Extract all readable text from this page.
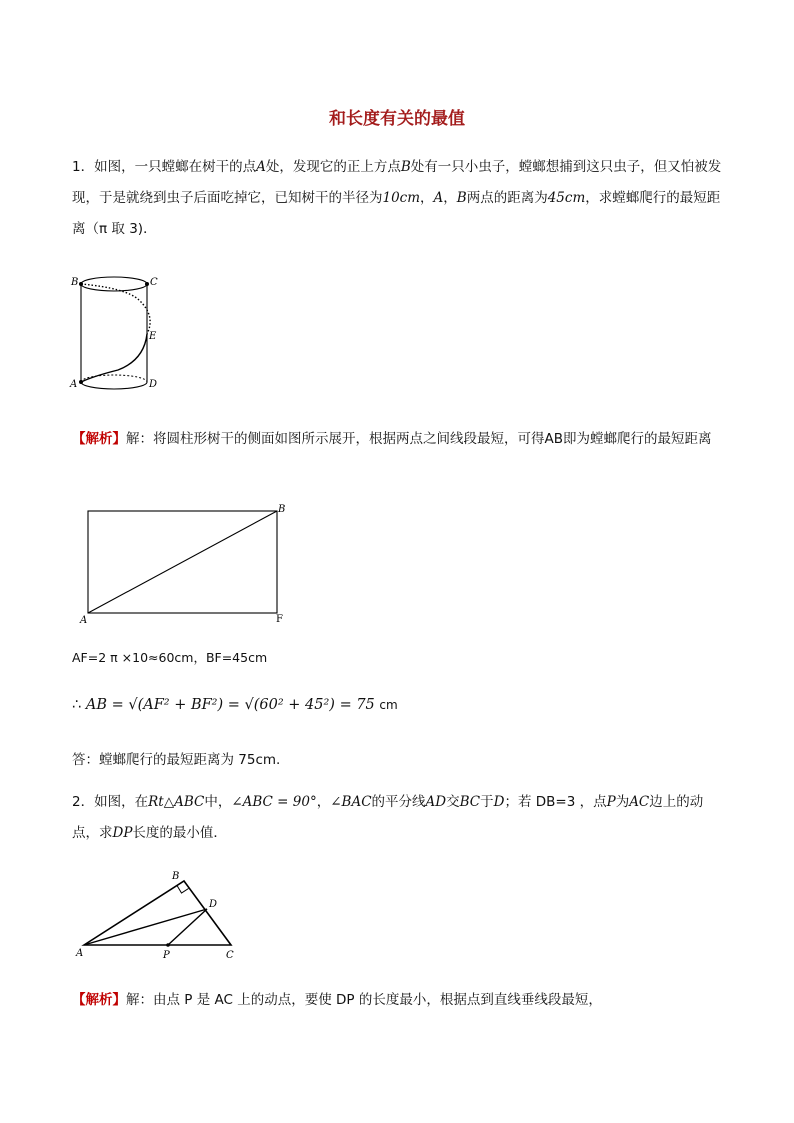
和长度有关的最值
1．如图，一只螳螂在树干的点A处，发现它的正上方点B处有一只小虫子，螳螂想捕到这只虫子，但又怕被发现，于是就绕到虫子后面吃掉它，已知树干的半径为10cm，A，B两点的距离为45cm，求螳螂爬行的最短距离（π 取 3)．
B	C
E
A	D
【解析】解：将圆柱形树干的侧面如图所示展开，根据两点之间线段最短，可得AB即为螳螂爬行的最短距离
A
B
F
AF=2 π ×10≈60cm，BF=45cm
∴ AB = √(AF² + BF²) = √(60² + 45²) = 75 cm
答：螳螂爬行的最短距离为 75cm.
2．如图，在Rt△ABC中，∠ABC = 90°，∠BAC的平分线AD交BC于D；若 DB=3 ，点P为AC边上的动点，求DP长度的最小值．
B
D
A	P	C
【解析】解：由点 P 是 AC 上的动点，要使 DP 的长度最小，根据点到直线垂线段最短，
